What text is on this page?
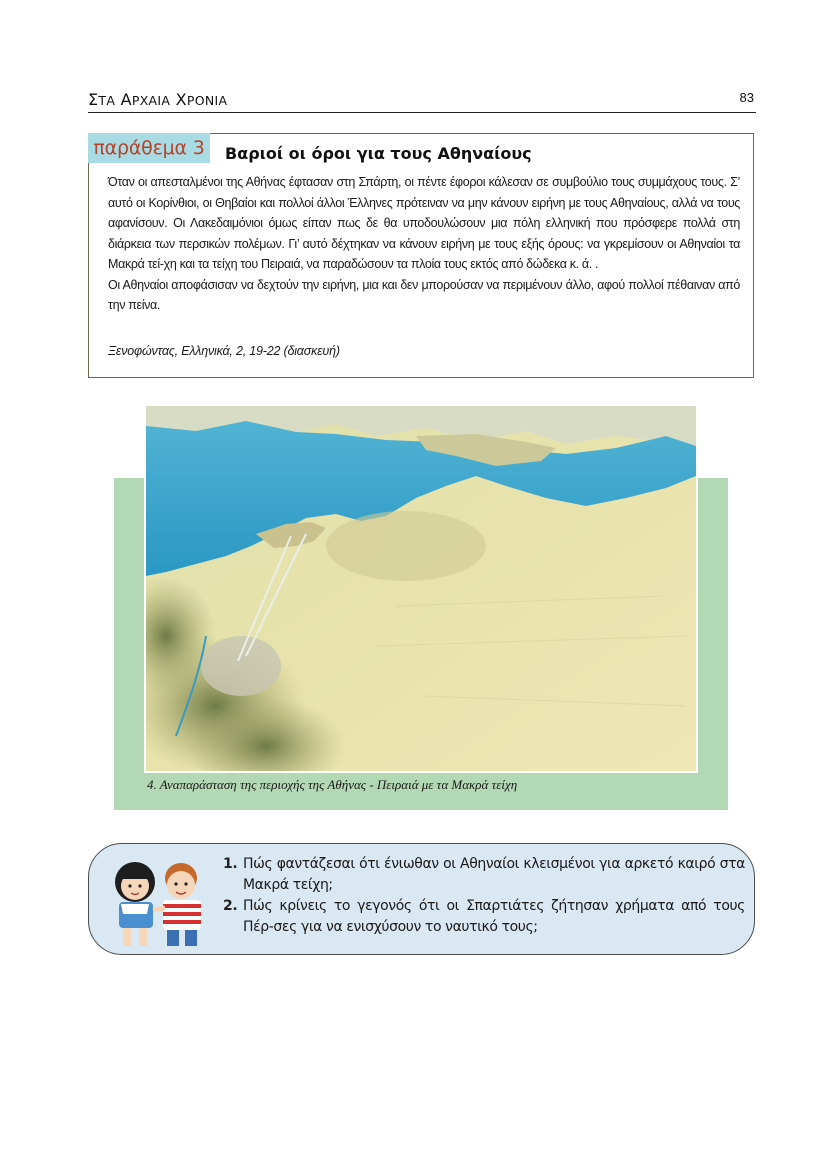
ΣΤΑ ΑΡΧΑΙΑ ΧΡΟΝΙΑ	83
παράθεμα 3	Βαριοί οι όροι για τους Αθηναίους

Όταν οι απεσταλμένοι της Αθήνας έφτασαν στη Σπάρτη, οι πέντε έφοροι κάλεσαν σε συμβούλιο τους συμμάχους τους. Σ’ αυτό οι Κορίνθιοι, οι Θηβαίοι και πολλοί άλλοι Έλληνες πρότειναν να μην κάνουν ειρήνη με τους Αθηναίους, αλλά να τους αφανίσουν. Οι Λακεδαιμόνιοι όμως είπαν πως δε θα υποδουλώσουν μια πόλη ελληνική που πρόσφερε πολλά στη διάρκεια των περσικών πολέμων. Γι’ αυτό δέχτηκαν να κάνουν ειρήνη με τους εξής όρους: να γκρεμίσουν οι Αθηναίοι τα Μακρά τεί-χη και τα τείχη του Πειραιά, να παραδώσουν τα πλοία τους εκτός από δώδεκα κ. ά. .

Οι Αθηναίοι αποφάσισαν να δεχτούν την ειρήνη, μια και δεν μπορούσαν να περιμένουν άλλο, αφού πολλοί πέθαιναν από την πείνα.

Ξενοφώντας, Ελληνικά, 2, 19-22 (διασκευή)
4. Αναπαράσταση της περιοχής της Αθήνας - Πειραιά με τα Μακρά τείχη
1. Πώς φαντάζεσαι ότι ένιωθαν οι Αθηναίοι κλεισμένοι για αρκετό καιρό στα Μακρά τείχη;
2. Πώς κρίνεις το γεγονός ότι οι Σπαρτιάτες ζήτησαν χρήματα από τους Πέρ-σες για να ενισχύσουν το ναυτικό τους;
